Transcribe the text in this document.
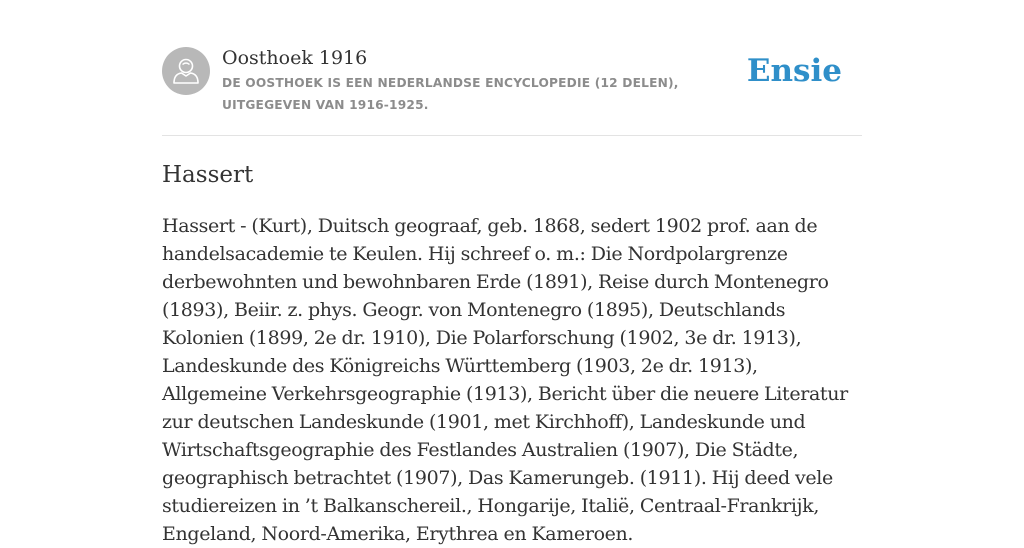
Oosthoek 1916
DE OOSTHOEK IS EEN NEDERLANDSE ENCYCLOPEDIE (12 DELEN), UITGEGEVEN VAN 1916-1925.
Ensie
Hassert

Hassert - (Kurt), Duitsch geograaf, geb. 1868, sedert 1902 prof. aan de handelsacademie te Keulen. Hij schreef o. m.: Die Nordpolargrenze derbewohnten und bewohnbaren Erde (1891), Reise durch Montenegro (1893), Beiir. z. phys. Geogr. von Montenegro (1895), Deutschlands Kolonien (1899, 2e dr. 1910), Die Polarforschung (1902, 3e dr. 1913), Landeskunde des Königreichs Württemberg (1903, 2e dr. 1913), Allgemeine Verkehrsgeographie (1913), Bericht über die neuere Literatur zur deutschen Landeskunde (1901, met Kirchhoff), Landeskunde und Wirtschaftsgeographie des Festlandes Australien (1907), Die Städte, geographisch betrachtet (1907), Das Kamerungeb. (1911). Hij deed vele studiereizen in ’t Balkanschereil., Hongarije, Italië, Centraal-Frankrijk, Engeland, Noord-Amerika, Erythrea en Kameroen.
